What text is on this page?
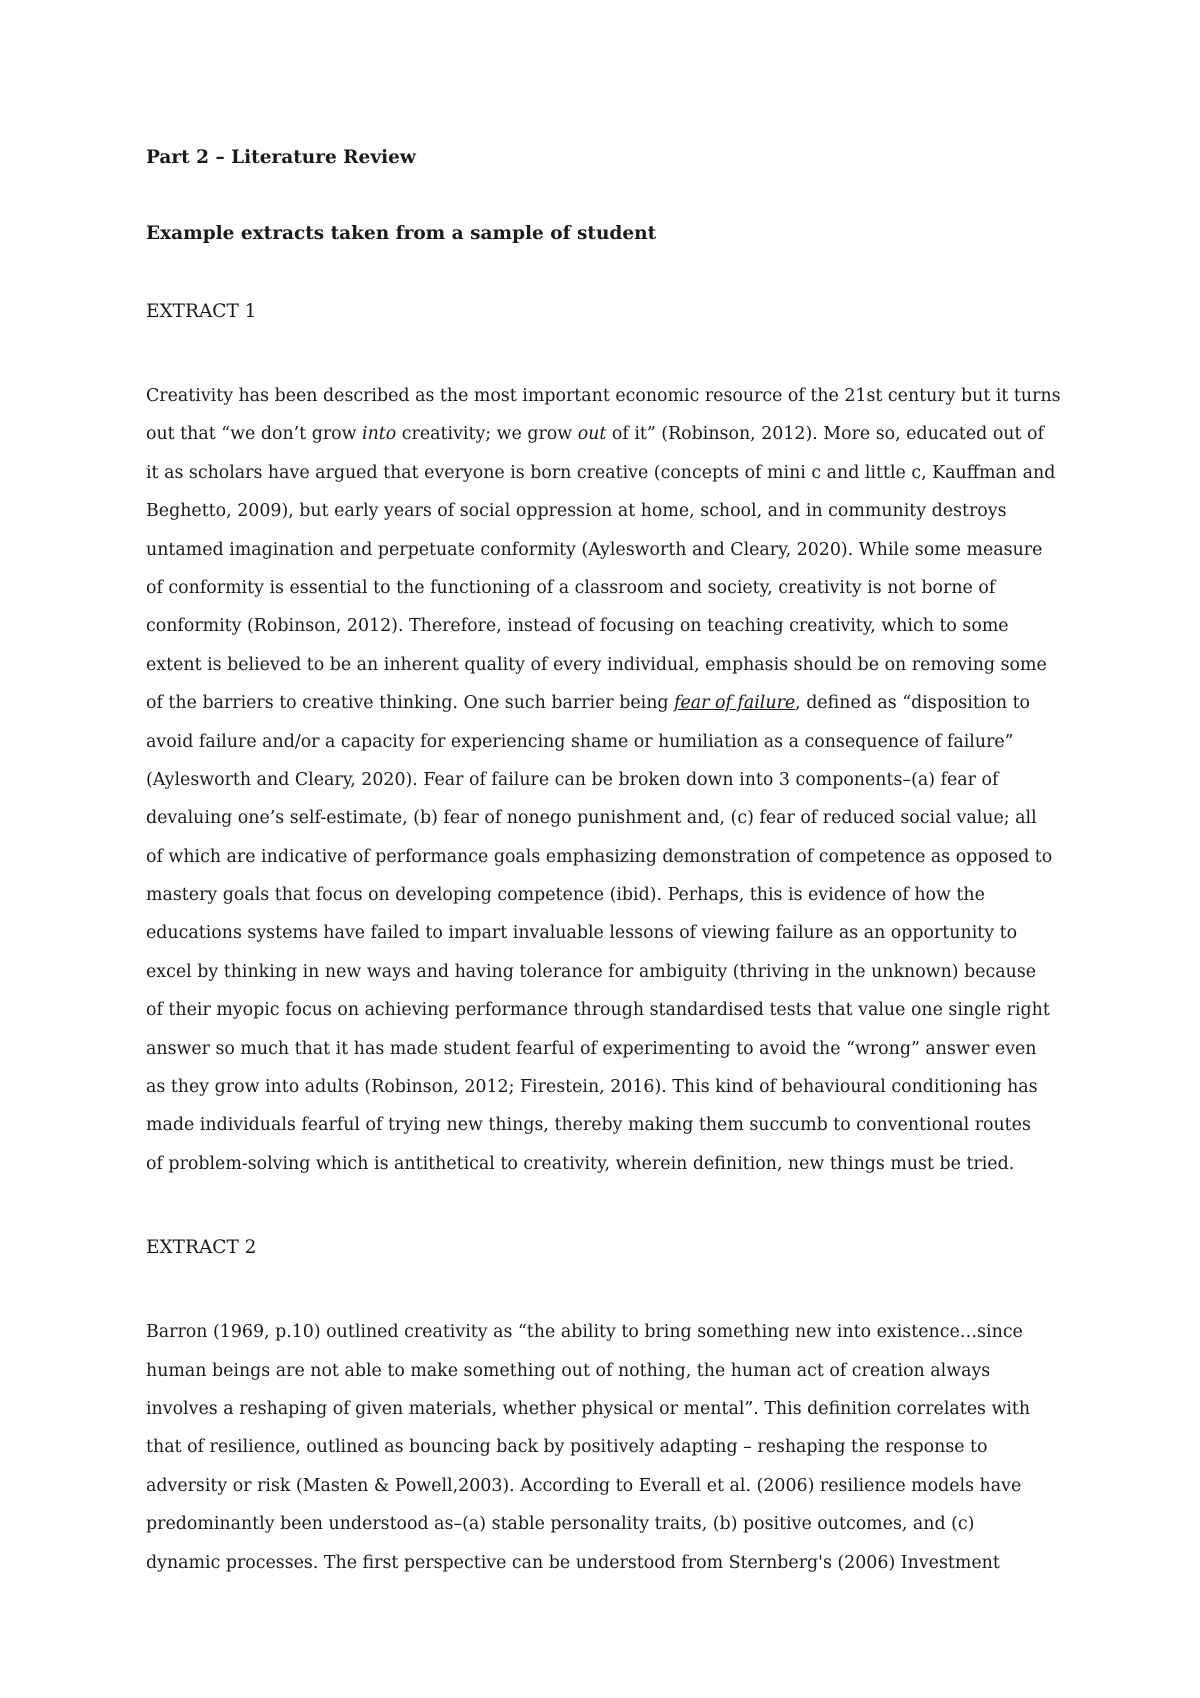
Part 2 – Literature Review

Example extracts taken from a sample of student

EXTRACT 1

Creativity has been described as the most important economic resource of the 21st century but it turns
out that “we don’t grow into creativity; we grow out of it” (Robinson, 2012). More so, educated out of
it as scholars have argued that everyone is born creative (concepts of mini c and little c, Kauffman and
Beghetto, 2009), but early years of social oppression at home, school, and in community destroys
untamed imagination and perpetuate conformity (Aylesworth and Cleary, 2020). While some measure
of conformity is essential to the functioning of a classroom and society, creativity is not borne of
conformity (Robinson, 2012). Therefore, instead of focusing on teaching creativity, which to some
extent is believed to be an inherent quality of every individual, emphasis should be on removing some
of the barriers to creative thinking. One such barrier being fear of failure, defined as “disposition to
avoid failure and/or a capacity for experiencing shame or humiliation as a consequence of failure”
(Aylesworth and Cleary, 2020). Fear of failure can be broken down into 3 components–(a) fear of
devaluing one’s self-estimate, (b) fear of nonego punishment and, (c) fear of reduced social value; all
of which are indicative of performance goals emphasizing demonstration of competence as opposed to
mastery goals that focus on developing competence (ibid). Perhaps, this is evidence of how the
educations systems have failed to impart invaluable lessons of viewing failure as an opportunity to
excel by thinking in new ways and having tolerance for ambiguity (thriving in the unknown) because
of their myopic focus on achieving performance through standardised tests that value one single right
answer so much that it has made student fearful of experimenting to avoid the “wrong” answer even
as they grow into adults (Robinson, 2012; Firestein, 2016). This kind of behavioural conditioning has
made individuals fearful of trying new things, thereby making them succumb to conventional routes
of problem-solving which is antithetical to creativity, wherein definition, new things must be tried.

EXTRACT 2

Barron (1969, p.10) outlined creativity as “the ability to bring something new into existence…since
human beings are not able to make something out of nothing, the human act of creation always
involves a reshaping of given materials, whether physical or mental”. This definition correlates with
that of resilience, outlined as bouncing back by positively adapting – reshaping the response to
adversity or risk (Masten & Powell,2003). According to Everall et al. (2006) resilience models have
predominantly been understood as–(a) stable personality traits, (b) positive outcomes, and (c)
dynamic processes. The first perspective can be understood from Sternberg's (2006) Investment
